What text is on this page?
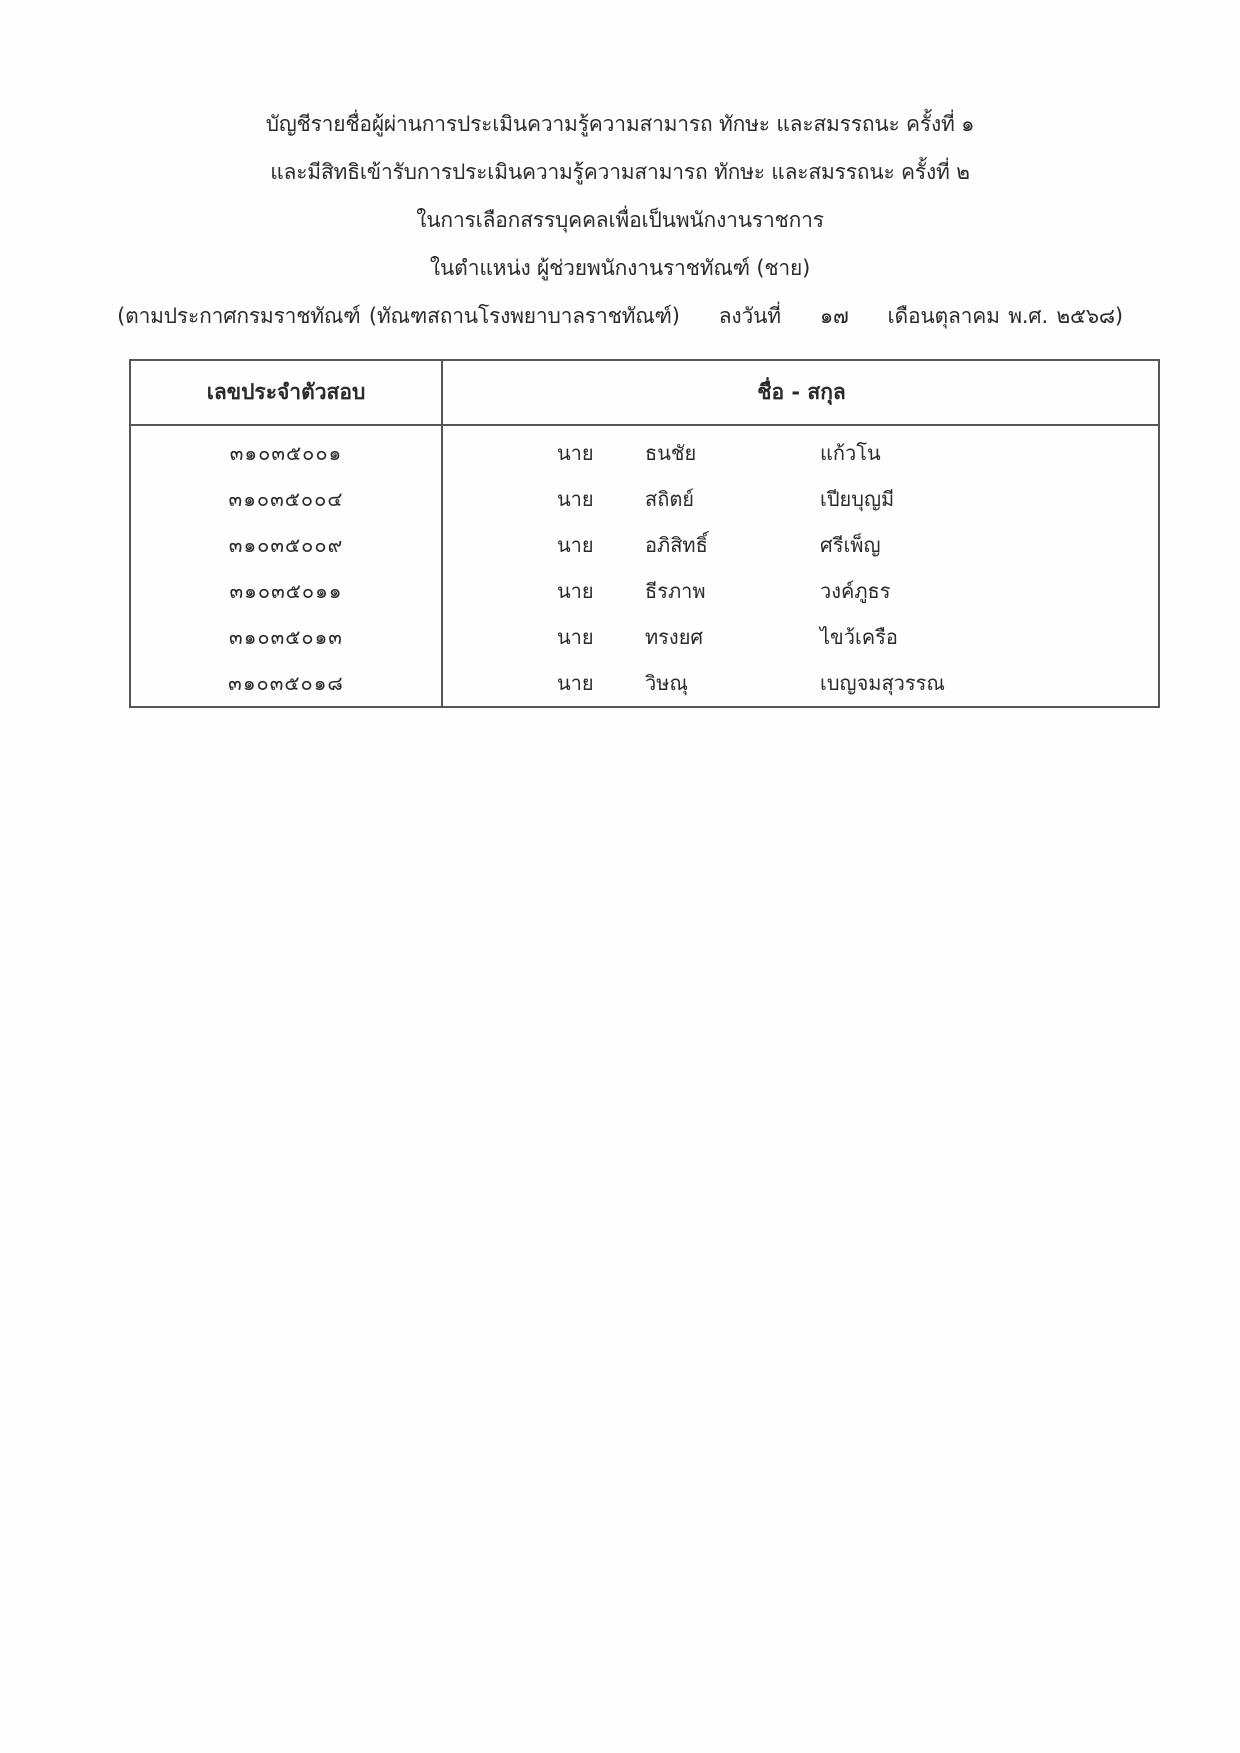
บัญชีรายชื่อผู้ผ่านการประเมินความรู้ความสามารถ ทักษะ และสมรรถนะ ครั้งที่ ๑
และมีสิทธิเข้ารับการประเมินความรู้ความสามารถ ทักษะ และสมรรถนะ ครั้งที่ ๒
ในการเลือกสรรบุคคลเพื่อเป็นพนักงานราชการ
ในตำแหน่ง ผู้ช่วยพนักงานราชทัณฑ์ (ชาย)
(ตามประกาศกรมราชทัณฑ์ (ทัณฑสถานโรงพยาบาลราชทัณฑ์) ลงวันที่ ๑๗ เดือนตุลาคม พ.ศ. ๒๕๖๘)
เลขประจำตัวสอบ	ชื่อ - สกุล
๓๑๐๓๕๐๐๑	นาย	ธนชัย	แก้วโน
๓๑๐๓๕๐๐๔	นาย	สถิตย์	เปียบุญมี
๓๑๐๓๕๐๐๙	นาย	อภิสิทธิ์	ศรีเพ็ญ
๓๑๐๓๕๐๑๑	นาย	ธีรภาพ	วงค์ภูธร
๓๑๐๓๕๐๑๓	นาย	ทรงยศ	ไขว้เครือ
๓๑๐๓๕๐๑๘	นาย	วิษณุ	เบญจมสุวรรณ
